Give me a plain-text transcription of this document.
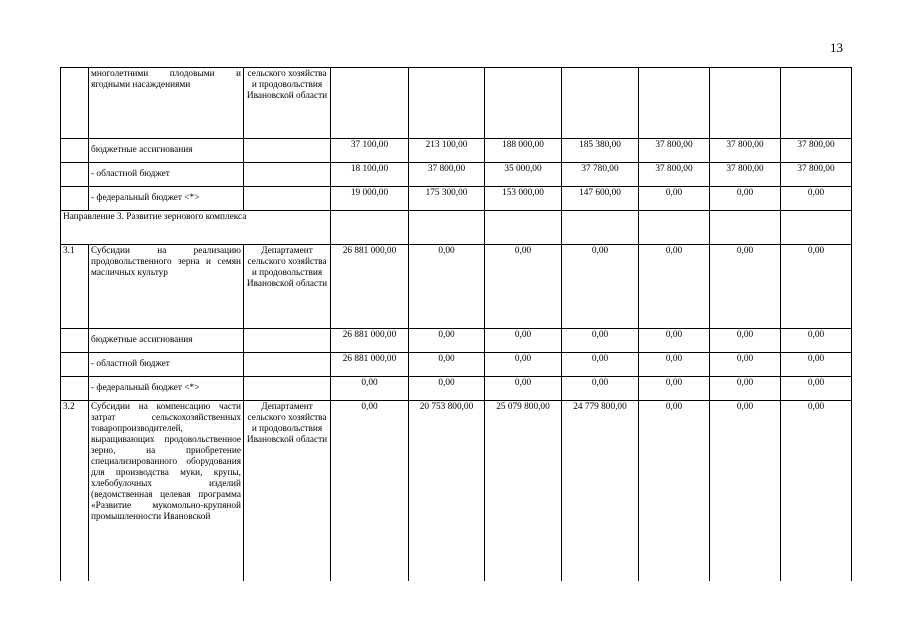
13
	многолетними плодовыми и ягодными насаждениями	сельского хозяйства и продовольствия Ивановской области							
	бюджетные ассигнования		37 100,00	213 100,00	188 000,00	185 380,00	37 800,00	37 800,00	37 800,00
	- областной бюджет		18 100,00	37 800,00	35 000,00	37 780,00	37 800,00	37 800,00	37 800,00
	- федеральный бюджет <*>		19 000,00	175 300,00	153 000,00	147 600,00	0,00	0,00	0,00
Направление 3. Развитие зернового комплекса									
3.1	Субсидии на реализацию продовольственного зерна и семян масличных культур	Департамент сельского хозяйства и продовольствия Ивановской области	26 881 000,00	0,00	0,00	0,00	0,00	0,00	0,00
	бюджетные ассигнования		26 881 000,00	0,00	0,00	0,00	0,00	0,00	0,00
	- областной бюджет		26 881 000,00	0,00	0,00	0,00	0,00	0,00	0,00
	- федеральный бюджет <*>		0,00	0,00	0,00	0,00	0,00	0,00	0,00
3.2	Субсидии на компенсацию части затрат сельскохозяйственных товаропроизводителей, выращивающих продовольственное зерно, на приобретение специализированного оборудования для производства муки, крупы, хлебобулочных изделий (ведомственная целевая программа «Развитие мукомольно-крупяной промышленности Ивановской	Департамент сельского хозяйства и продовольствия Ивановской области	0,00	20 753 800,00	25 079 800,00	24 779 800,00	0,00	0,00	0,00
